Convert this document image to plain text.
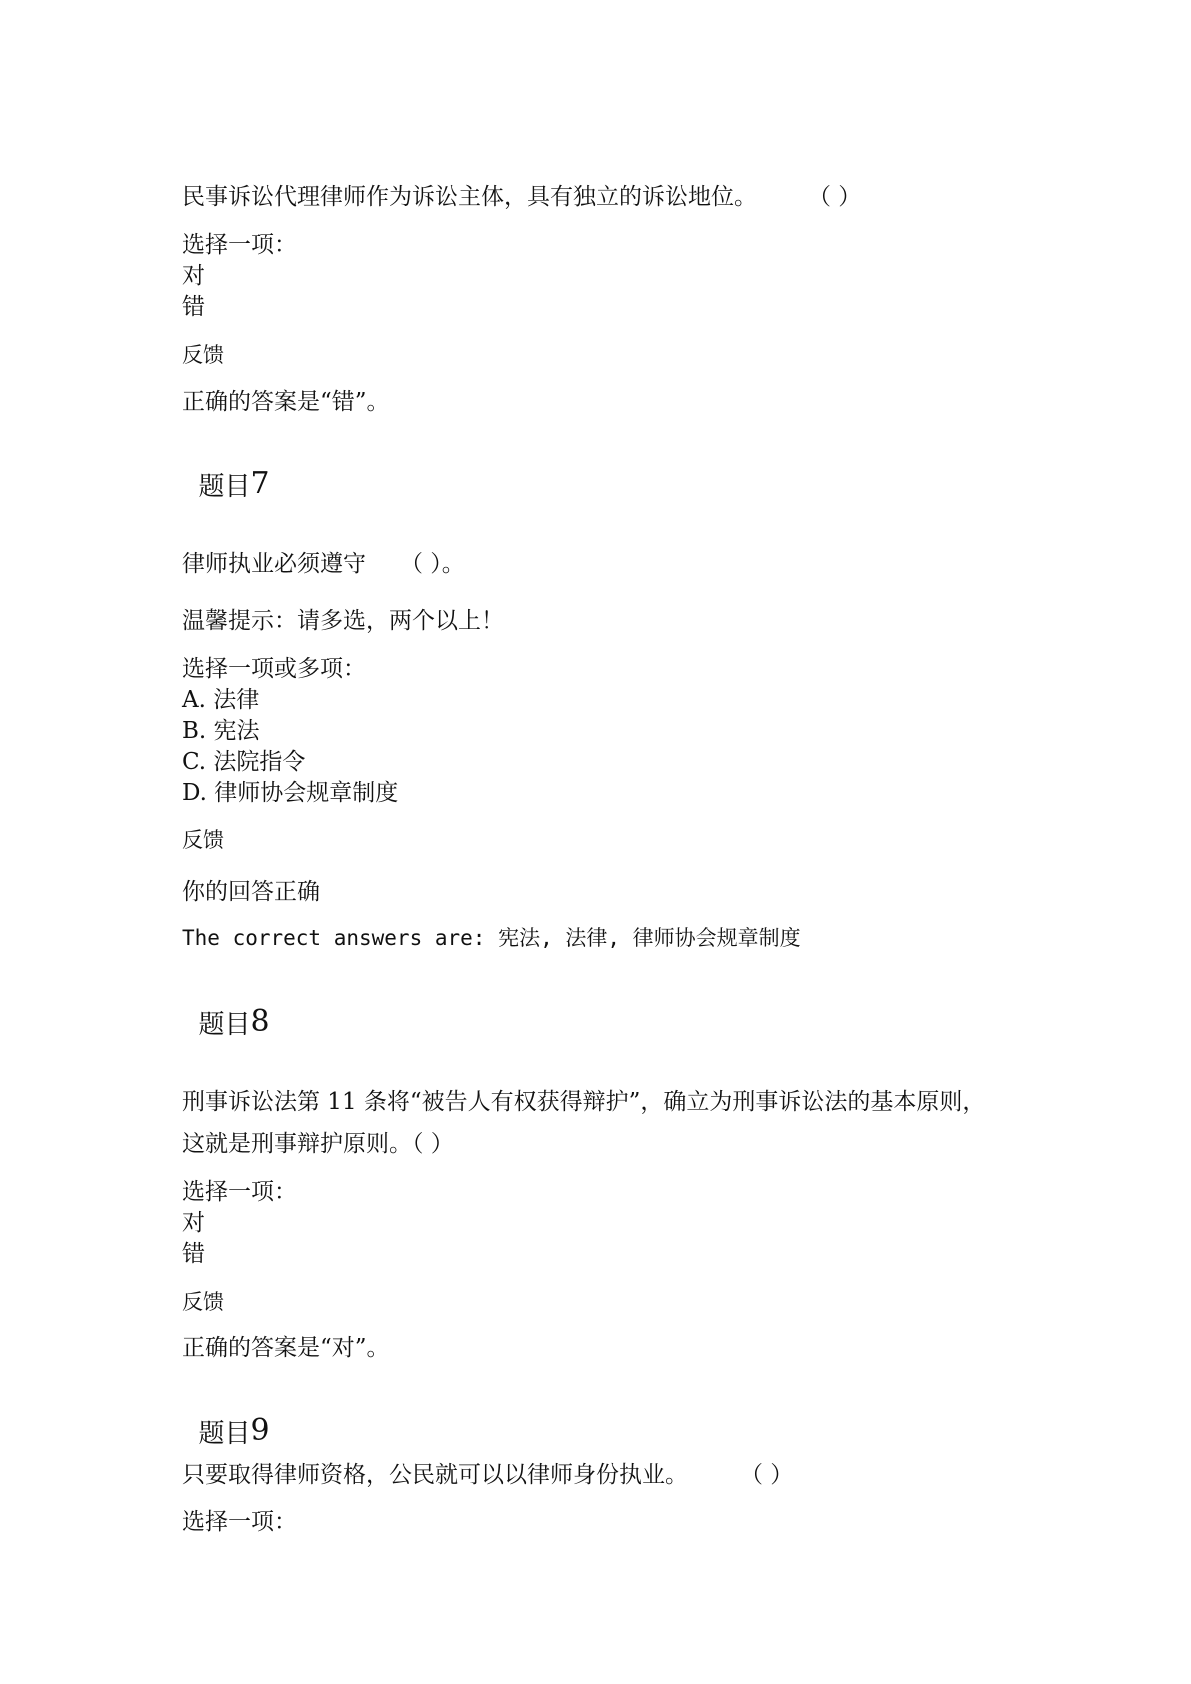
民事诉讼代理律师作为诉讼主体，具有独立的诉讼地位。 （ ）
选择一项：
对
错
反馈
正确的答案是“错”。

题目7

律师执业必须遵守 （ ）。
温馨提示：请多选，两个以上！
选择一项或多项：
A. 法律
B. 宪法
C. 法院指令
D. 律师协会规章制度
反馈
你的回答正确
The correct answers are: 宪法, 法律, 律师协会规章制度

题目8

刑事诉讼法第 11 条将“被告人有权获得辩护”，确立为刑事诉讼法的基本原则，
这就是刑事辩护原则。（ ）
选择一项：
对
错
反馈
正确的答案是“对”。

题目9

只要取得律师资格，公民就可以以律师身份执业。 （ ）
选择一项：
